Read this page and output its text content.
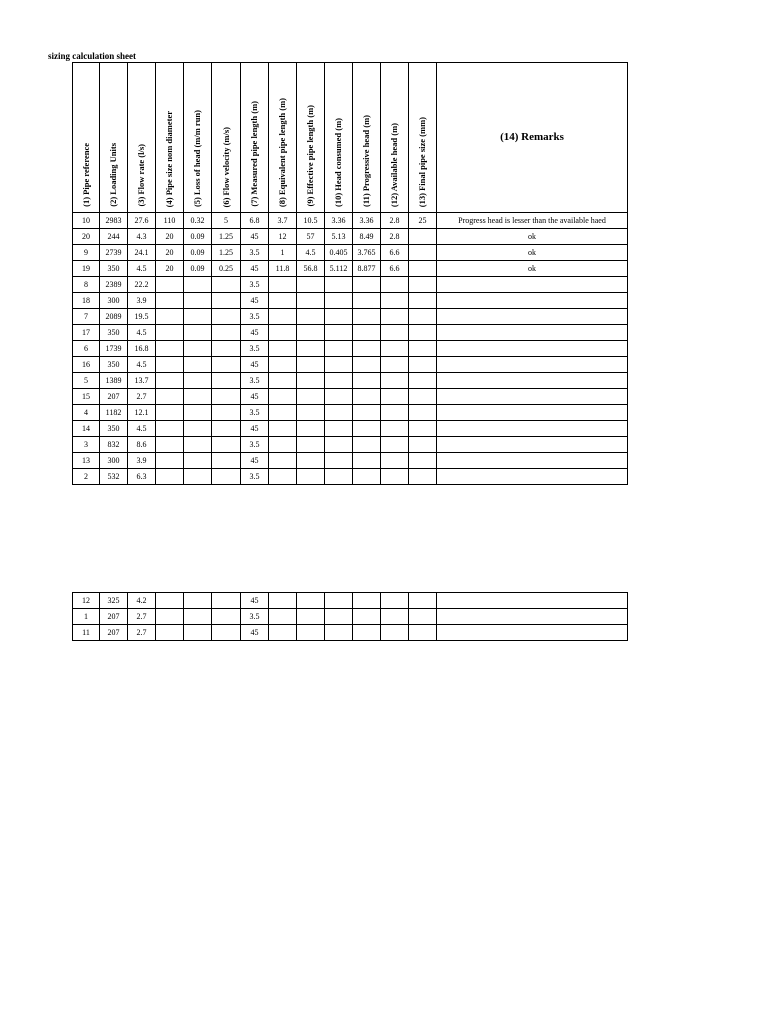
sizing calculation sheet
(1) Pipe reference	(2) Loading Units	(3) Flow rate (l/s)	(4) Pipe size nom diameter	(5) Loss of head (m/m run)	(6) Flow velocity (m/s)	(7) Measured pipe length (m)	(8) Equivalent pipe length (m)	(9) Effective pipe length (m)	(10) Head consumed (m)	(11) Progressive head (m)	(12) Available head (m)	(13) Final pipe size (mm)	(14) Remarks
10	2983	27.6	110	0.32	5	6.8	3.7	10.5	3.36	3.36	2.8	25	Progress head is lesser than the available haed
20	244	4.3	20	0.09	1.25	45	12	57	5.13	8.49	2.8		ok
9	2739	24.1	20	0.09	1.25	3.5	1	4.5	0.405	3.765	6.6		ok
19	350	4.5	20	0.09	0.25	45	11.8	56.8	5.112	8.877	6.6		ok
8	2389	22.2				3.5							
18	300	3.9				45							
7	2089	19.5				3.5							
17	350	4.5				45							
6	1739	16.8				3.5							
16	350	4.5				45							
5	1389	13.7				3.5							
15	207	2.7				45							
4	1182	12.1				3.5							
14	350	4.5				45							
3	832	8.6				3.5							
13	300	3.9				45							
2	532	6.3				3.5							
12	325	4.2				45							
1	207	2.7				3.5							
11	207	2.7				45							
